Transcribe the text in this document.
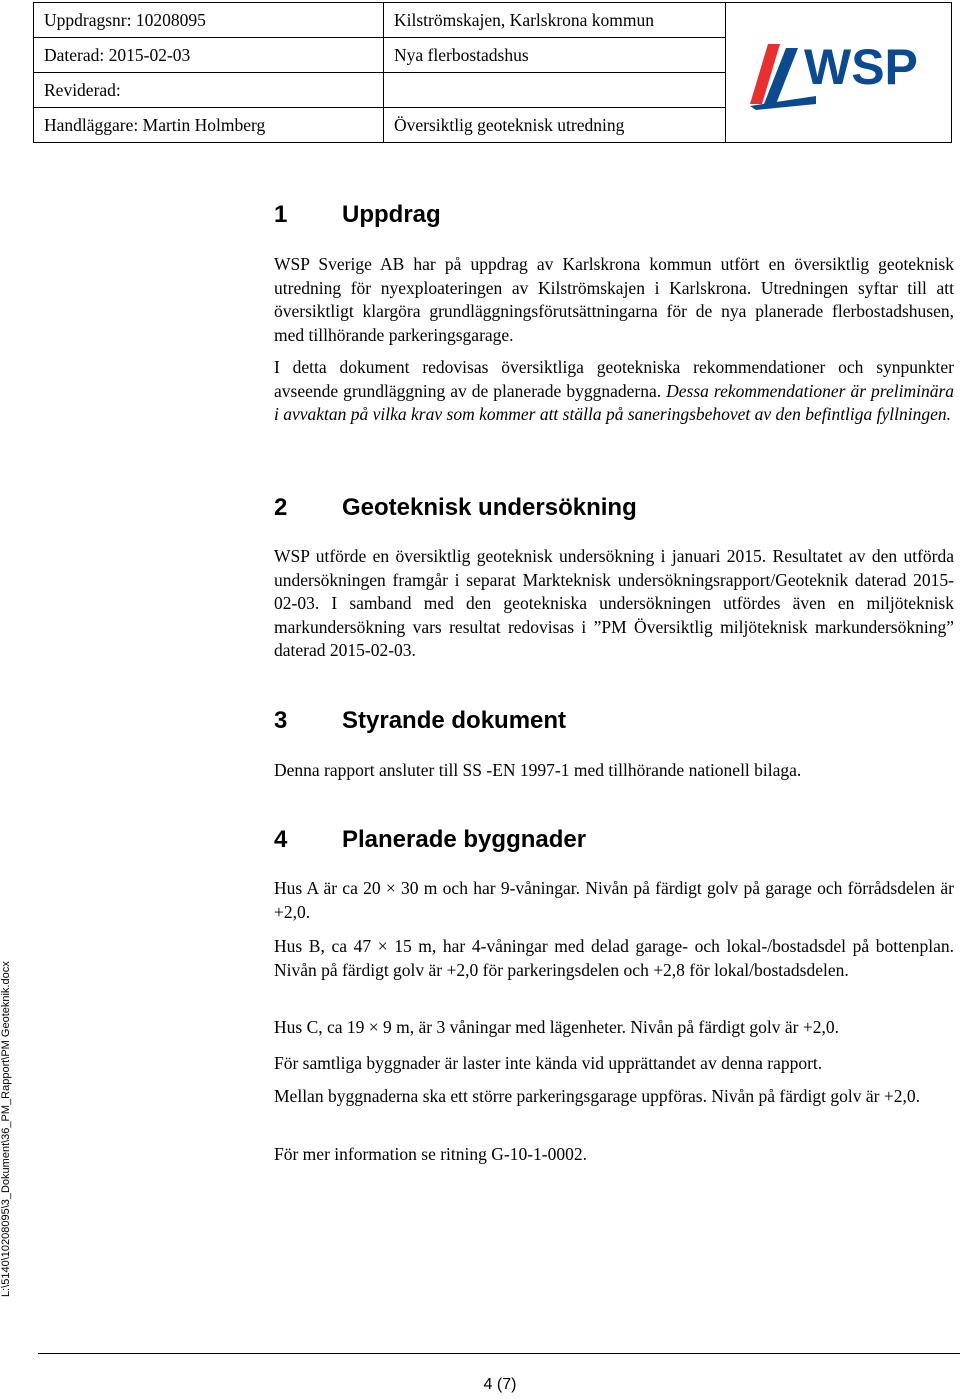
Uppdragsnr: 10208095	Kilströmskajen, Karlskrona kommun	WSP

Daterad: 2015-02-03	Nya flerbostadshus	
Reviderad:		
Handläggare: Martin Holmberg	Översiktlig geoteknisk utredning	
1 Uppdrag

WSP Sverige AB har på uppdrag av Karlskrona kommun utfört en översiktlig geoteknisk utredning för nyexploateringen av Kilströmskajen i Karlskrona. Utredningen syftar till att översiktligt klargöra grundläggningsförutsättningarna för de nya planerade flerbostadshusen, med tillhörande parkeringsgarage.

I detta dokument redovisas översiktliga geotekniska rekommendationer och synpunkter avseende grundläggning av de planerade byggnaderna. Dessa rekommendationer är preliminära i avvaktan på vilka krav som kommer att ställa på saneringsbehovet av den befintliga fyllningen.

2 Geoteknisk undersökning

WSP utförde en översiktlig geoteknisk undersökning i januari 2015. Resultatet av den utförda undersökningen framgår i separat Markteknisk undersökningsrapport/Geoteknik daterad 2015-02-03. I samband med den geotekniska undersökningen utfördes även en miljöteknisk markundersökning vars resultat redovisas i ”PM Översiktlig miljöteknisk markundersökning” daterad 2015-02-03.

3 Styrande dokument

Denna rapport ansluter till SS -EN 1997-1 med tillhörande nationell bilaga.

4 Planerade byggnader

Hus A är ca 20 × 30 m och har 9-våningar. Nivån på färdigt golv på garage och förrådsdelen är +2,0.

Hus B, ca 47 × 15 m, har 4-våningar med delad garage- och lokal-/bostadsdel på bottenplan. Nivån på färdigt golv är +2,0 för parkeringsdelen och +2,8 för lokal/bostadsdelen.

Hus C, ca 19 × 9 m, är 3 våningar med lägenheter. Nivån på färdigt golv är +2,0.

För samtliga byggnader är laster inte kända vid upprättandet av denna rapport.

Mellan byggnaderna ska ett större parkeringsgarage uppföras. Nivån på färdigt golv är +2,0.

För mer information se ritning G-10-1-0002.

L:\5140\10208095\3_Dokument\36_PM_Rapport\PM Geoteknik.docx
4 (7)
